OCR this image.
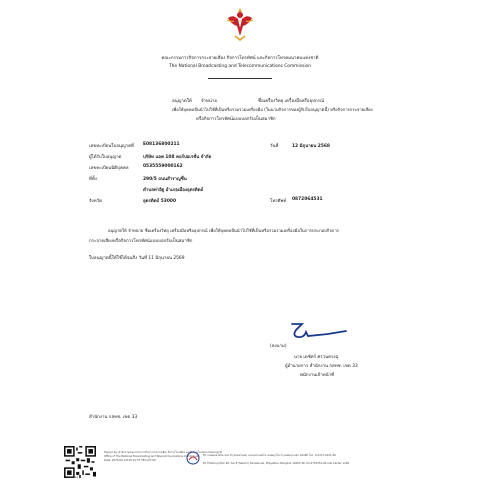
คณะกรรมการกิจการกระจายเสียง กิจการโทรทัศน์ และกิจการโทรคมนาคมแห่งชาติ
The National Broadcasting and Telecommunications Commission
อนุญาตให้ จำหน่าย	ชื่อเครื่องวิทยุ เครื่องมือหรืออุปกรณ์
เพื่อให้บุคคลอื่นนำไปใช้ที่เป็นหรือรวมรวมเครื่องมือ (ในนามกิจการของผู้รับใบอนุญาตนี้) หรือกิจการกระจายเสียง
หรือกิจการโทรทัศน์แบบบอกรับเป็นสมาชิก
เลขทะเบียนใบอนุญาตที่ E08136800211	วันที่	12 มิถุนายน 2568
ผู้ได้รับใบอนุญาต	บริษัท แอพ 108 คอร์ปอเรชั่น จำกัด
เลขทะเบียนนิติบุคคล	0535559000162
ที่ตั้ง	290/5 ถนนสำราญชื่น
ตำบลท่าอิฐ อำเภอเมืองอุตรดิตถ์
จังหวัด	อุตรดิตถ์ 53000	โทรศัพท์ 0872064531
อนุญาตให้ จำหน่าย ชื่อเครื่องวิทยุ เครื่องมือหรืออุปกรณ์ เพื่อให้บุคคลอื่นนำไปใช้ที่เป็นหรือรวมรวมเครื่องมือในการประกอบกิจการ
กระจายเสียงหรือกิจการโทรทัศน์แบบบอกรับเป็นสมาชิก
ใบอนุญาตนี้ให้ใช้ได้จนถึง วันที่ 11 มิถุนายน 2569
(ลงนาม)
นาย เดชัคร์ ศรวนตรงฉุ
ผู้อำนวยการ สำนักงาน กสทช. เขต 33
พนักงานเจ้าหน้าที่
สำนักงาน กสทช. เขต 33
Verified
Signed by: สำนักงานคณะกรรมการกิจการกระจายเสียง กิจการโทรทัศน์ และกิจการโทรคมนาคมแห่งชาติ
Office of The National Broadcasting and Telecommunications Commission
Date: 2025-06-12T16:01:37.785+07:00
87 ถนนพหลโยธิน ซอย 8 (ซอยสายลม) แขวงสามเสนใน เขตพญาไท กรุงเทพมหานคร 10400 โทร. 0-2271-0151-60
87 Phahonyothin Rd, Soi 8 (Sailom) Samsennai, Phayathai, Bangkok 10400 Tel. 02-2710151-60 Call Center 1200
